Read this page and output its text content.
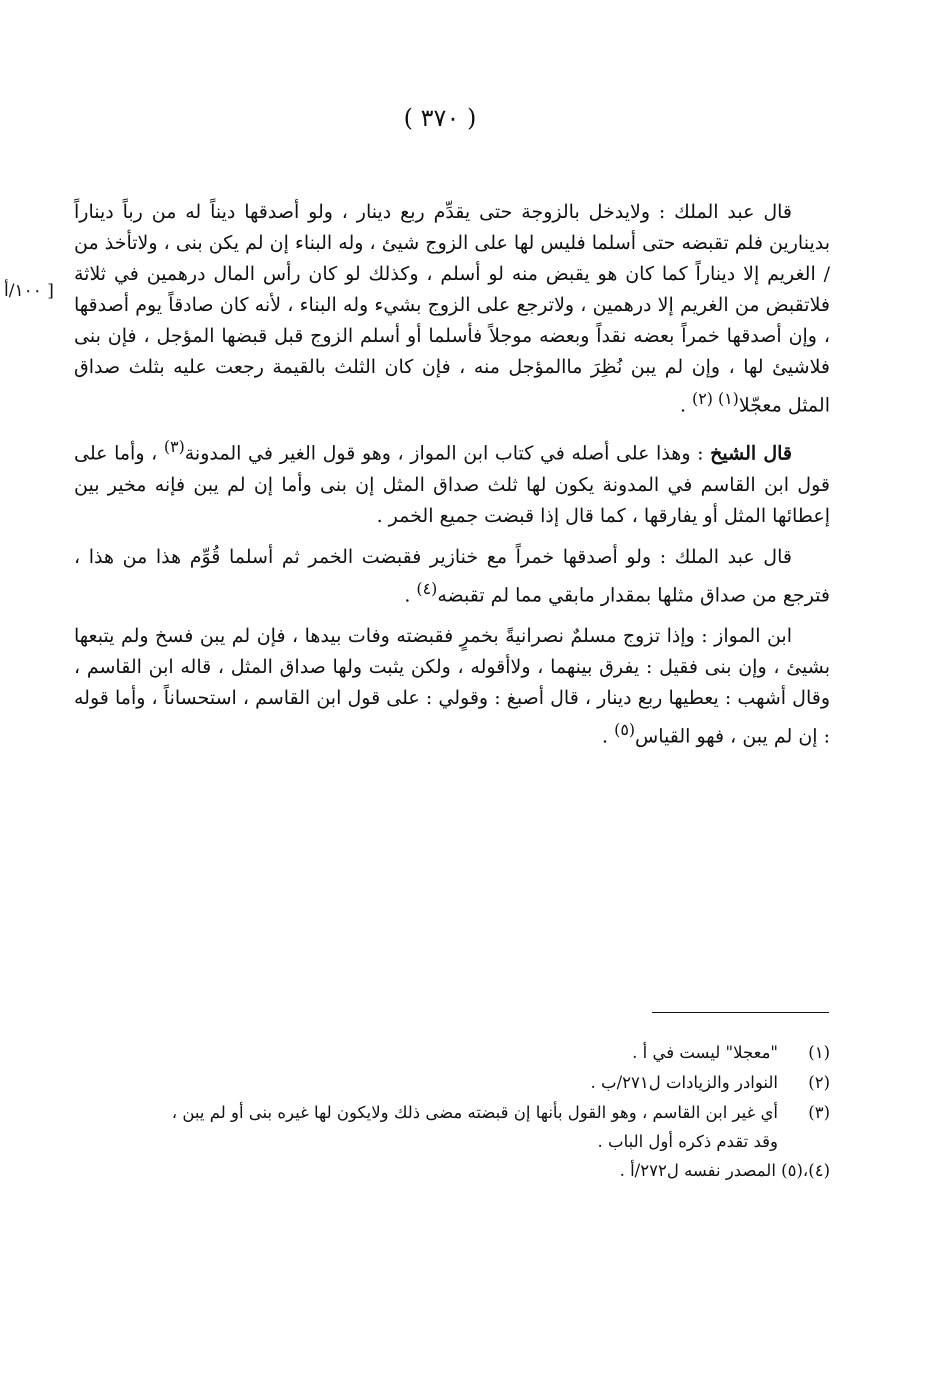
( ٣٧٠ )
[ ١٠٠/أ

قال عبد الملك : ولايدخل بالزوجة حتى يقدِّم ربع دينار ، ولو أصدقها ديناً له من رباً ديناراً بدينارين فلم تقبضه حتى أسلما فليس لها على الزوج شيئ ، وله البناء إن لم يكن بنى ، ولاتأخذ من / الغريم إلا ديناراً كما كان هو يقبض منه لو أسلم ، وكذلك لو كان رأس المال درهمين في ثلاثة فلاتقبض من الغريم إلا درهمين ، ولاترجع على الزوج بشيء وله البناء ، لأنه كان صادقاً يوم أصدقها ، وإن أصدقها خمراً بعضه نقداً وبعضه موجلاً فأسلما أو أسلم الزوج قبل قبضها المؤجل ، فإن بنى فلاشيئ لها ، وإن لم يبن نُظِرَ ماالمؤجل منه ، فإن كان الثلث بالقيمة رجعت عليه بثلث صداق المثل معجّلا$^{(١) (٢)}$ .

قال الشيخ : وهذا على أصله في كتاب ابن المواز ، وهو قول الغير في المدونة$^{(٣)}$ ، وأما على قول ابن القاسم في المدونة يكون لها ثلث صداق المثل إن بنى وأما إن لم يبن فإنه مخير بين إعطائها المثل أو يفارقها ، كما قال إذا قبضت جميع الخمر .

قال عبد الملك : ولو أصدقها خمراً مع خنازير فقبضت الخمر ثم أسلما قُوِّم هذا من هذا ، فترجع من صداق مثلها بمقدار مابقي مما لم تقبضه$^{(٤)}$ .

ابن المواز : وإذا تزوج مسلمٌ نصرانيةً بخمرٍ فقبضته وفات بيدها ، فإن لم يبن فسخ ولم يتبعها بشيئ ، وإن بنى فقيل : يفرق بينهما ، ولاأقوله ، ولكن يثبت ولها صداق المثل ، قاله ابن القاسم ، وقال أشهب : يعطيها ربع دينار ، قال أصبغ : وقولي : على قول ابن القاسم ، استحساناً ، وأما قوله : إن لم يبن ، فهو القياس$^{(٥)}$ .

(١)
"معجلا" ليست في أ .
(٢)
النوادر والزيادات ل٢٧١/ب .
(٣)
أي غير ابن القاسم ، وهو القول بأنها إن قبضته مضى ذلك ولايكون لها غيره بنى أو لم يبن ،
وقد تقدم ذكره أول الباب .
(٤)،(٥) المصدر نفسه ل٢٧٢/أ .
